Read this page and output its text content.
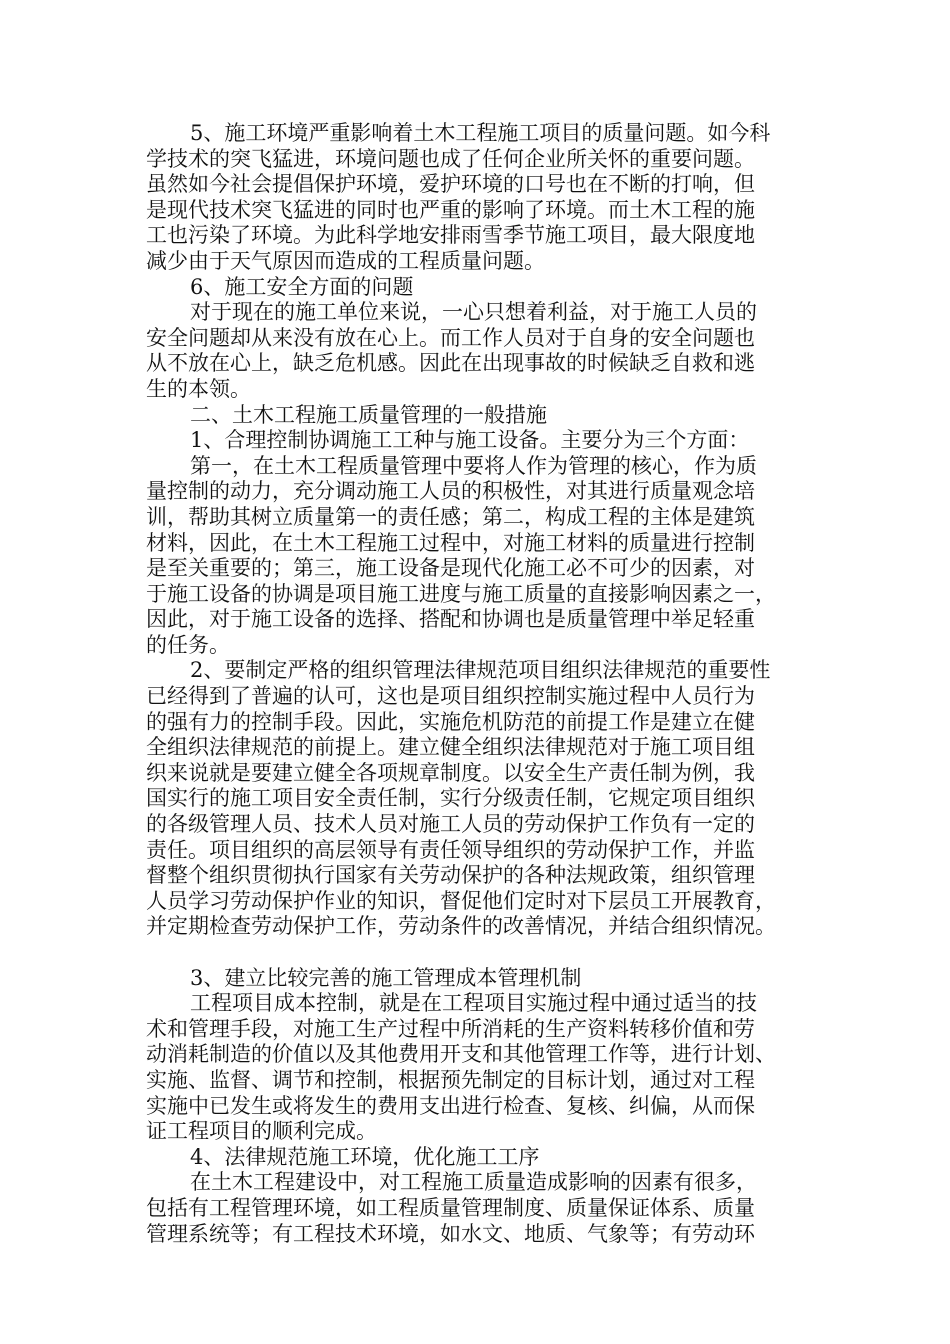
5、施工环境严重影响着土木工程施工项目的质量问题。如今科
学技术的突飞猛进，环境问题也成了任何企业所关怀的重要问题。
虽然如今社会提倡保护环境，爱护环境的口号也在不断的打响，但
是现代技术突飞猛进的同时也严重的影响了环境。而土木工程的施
工也污染了环境。为此科学地安排雨雪季节施工项目，最大限度地
减少由于天气原因而造成的工程质量问题。

6、施工安全方面的问题

对于现在的施工单位来说，一心只想着利益，对于施工人员的
安全问题却从来没有放在心上。而工作人员对于自身的安全问题也
从不放在心上，缺乏危机感。因此在出现事故的时候缺乏自救和逃
生的本领。

二、土木工程施工质量管理的一般措施

1、合理控制协调施工工种与施工设备。主要分为三个方面：

第一，在土木工程质量管理中要将人作为管理的核心，作为质
量控制的动力，充分调动施工人员的积极性，对其进行质量观念培
训，帮助其树立质量第一的责任感；第二，构成工程的主体是建筑
材料，因此，在土木工程施工过程中，对施工材料的质量进行控制
是至关重要的；第三，施工设备是现代化施工必不可少的因素，对
于施工设备的协调是项目施工进度与施工质量的直接影响因素之一，
因此，对于施工设备的选择、搭配和协调也是质量管理中举足轻重
的任务。

2、要制定严格的组织管理法律规范项目组织法律规范的重要性
已经得到了普遍的认可，这也是项目组织控制实施过程中人员行为
的强有力的控制手段。因此，实施危机防范的前提工作是建立在健
全组织法律规范的前提上。建立健全组织法律规范对于施工项目组
织来说就是要建立健全各项规章制度。以安全生产责任制为例，我
国实行的施工项目安全责任制，实行分级责任制，它规定项目组织
的各级管理人员、技术人员对施工人员的劳动保护工作负有一定的
责任。项目组织的高层领导有责任领导组织的劳动保护工作，并监
督整个组织贯彻执行国家有关劳动保护的各种法规政策，组织管理
人员学习劳动保护作业的知识，督促他们定时对下层员工开展教育，
并定期检查劳动保护工作，劳动条件的改善情况，并结合组织情况。

3、建立比较完善的施工管理成本管理机制

工程项目成本控制，就是在工程项目实施过程中通过适当的技
术和管理手段，对施工生产过程中所消耗的生产资料转移价值和劳
动消耗制造的价值以及其他费用开支和其他管理工作等，进行计划、
实施、监督、调节和控制，根据预先制定的目标计划，通过对工程
实施中已发生或将发生的费用支出进行检查、复核、纠偏，从而保
证工程项目的顺利完成。

4、法律规范施工环境，优化施工工序

在土木工程建设中，对工程施工质量造成影响的因素有很多，
包括有工程管理环境，如工程质量管理制度、质量保证体系、质量
管理系统等；有工程技术环境，如水文、地质、气象等；有劳动环
